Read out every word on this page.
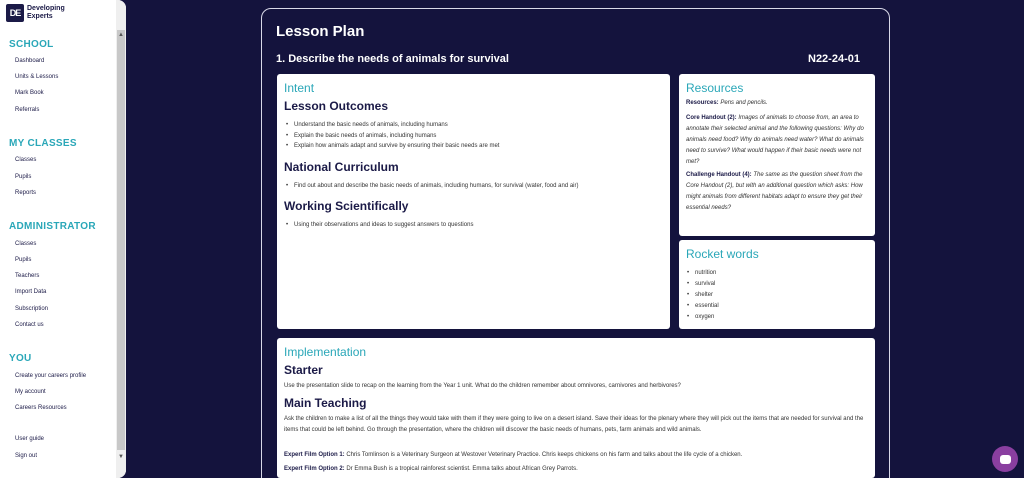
DE Developing
Experts
SCHOOL
Dashboard
Units & Lessons
Mark Book
Referrals
MY CLASSES
Classes
Pupils
Reports
ADMINISTRATOR
Classes
Pupils
Teachers
Import Data
Subscription
Contact us
YOU
Create your careers profile
My account
Careers Resources
User guide
Sign out
▲
▼
Lesson Plan
1. Describe the needs of animals for survival	N22-24-01
Intent
Lesson Outcomes
• Understand the basic needs of animals, including humans
• Explain the basic needs of animals, including humans
• Explain how animals adapt and survive by ensuring their basic needs are met
National Curriculum
• Find out about and describe the basic needs of animals, including humans, for survival (water, food and air)
Working Scientifically
• Using their observations and ideas to suggest answers to questions
Resources
Resources: Pens and pencils.
Core Handout (2): Images of animals to choose from, an area to annotate their selected animal and the following questions: Why do animals need food? Why do animals need water? What do animals need to survive? What would happen if their basic needs were not met?
Challenge Handout (4): The same as the question sheet from the Core Handout (2), but with an additional question which asks: How might animals from different habitats adapt to ensure they get their essential needs?
Rocket words
• nutrition
• survival
• shelter
• essential
• oxygen
Implementation
Starter
Use the presentation slide to recap on the learning from the Year 1 unit. What do the children remember about omnivores, carnivores and herbivores?
Main Teaching
Ask the children to make a list of all the things they would take with them if they were going to live on a desert island. Save their ideas for the plenary where they will pick out the items that are needed for survival and the items that could be left behind. Go through the presentation, where the children will discover the basic needs of humans, pets, farm animals and wild animals.
Expert Film Option 1: Chris Tomlinson is a Veterinary Surgeon at Westover Veterinary Practice. Chris keeps chickens on his farm and talks about the life cycle of a chicken.
Expert Film Option 2: Dr Emma Bush is a tropical rainforest scientist. Emma talks about African Grey Parrots.
